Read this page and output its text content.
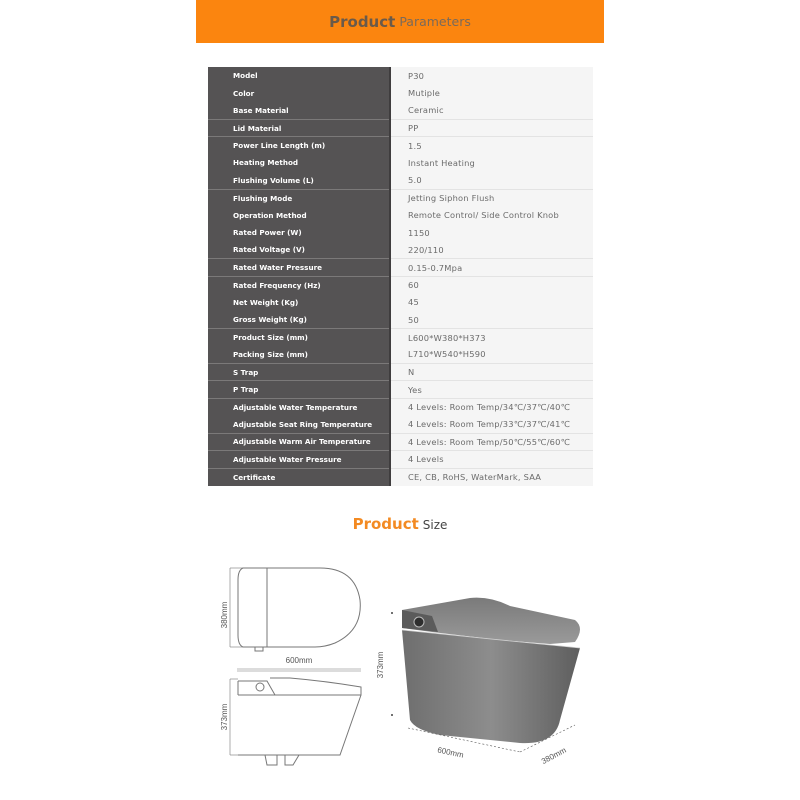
Product Parameters
Model	P30
Color	Mutiple
Base Material	Ceramic
Lid Material	PP
Power Line Length (m)	1.5
Heating Method	Instant Heating
Flushing Volume (L)	5.0
Flushing Mode	Jetting Siphon Flush
Operation Method	Remote Control/ Side Control Knob
Rated Power (W)	1150
Rated Voltage (V)	220/110
Rated Water Pressure	0.15-0.7Mpa
Rated Frequency (Hz)	60
Net Weight (Kg)	45
Gross Weight (Kg)	50
Product Size (mm)	L600*W380*H373
Packing Size (mm)	L710*W540*H590
S Trap	N
P Trap	Yes
Adjustable Water Temperature	4 Levels: Room Temp/34℃/37℃/40℃
Adjustable Seat Ring Temperature	4 Levels: Room Temp/33℃/37℃/41℃
Adjustable Warm Air Temperature	4 Levels: Room Temp/50℃/55℃/60℃
Adjustable Water Pressure	4 Levels
Certificate	CE, CB, RoHS, WaterMark, SAA
Product Size
380mm
600mm
373mm
373mm
600mm	380mm
